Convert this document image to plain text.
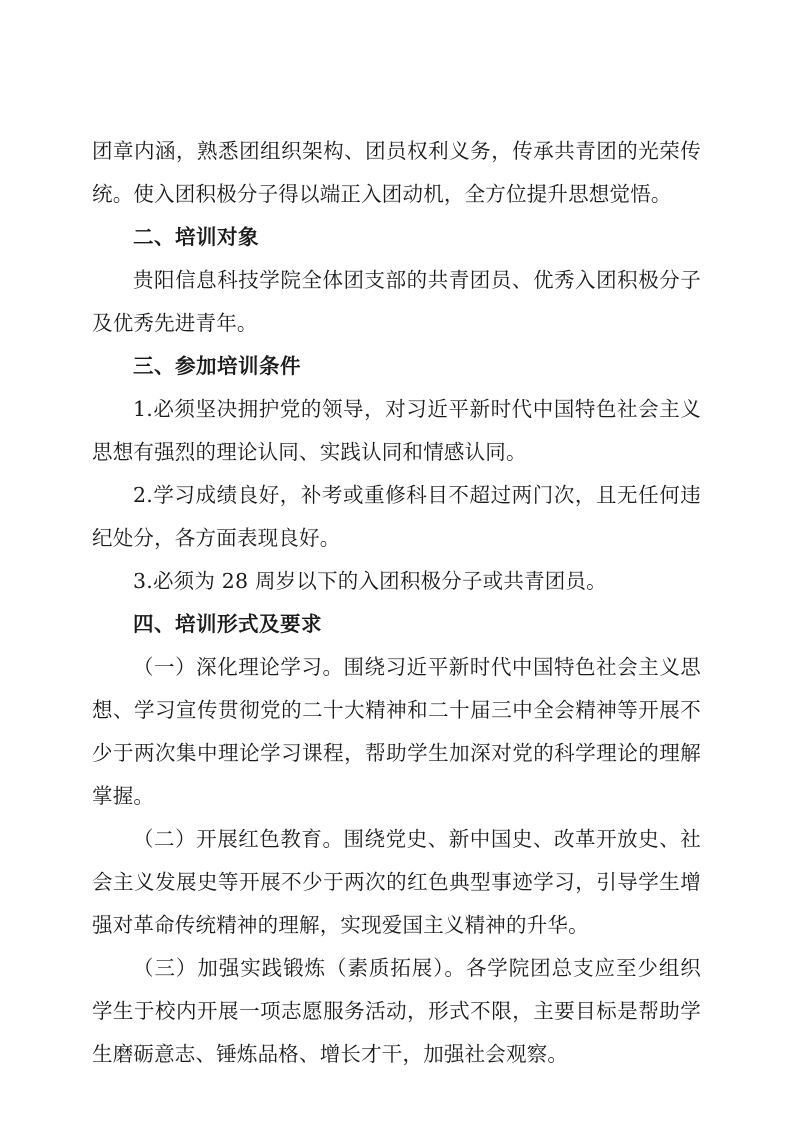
团章内涵，熟悉团组织架构、团员权利义务，传承共青团的光荣传统。使入团积极分子得以端正入团动机，全方位提升思想觉悟。

二、培训对象

贵阳信息科技学院全体团支部的共青团员、优秀入团积极分子及优秀先进青年。

三、参加培训条件

1.必须坚决拥护党的领导，对习近平新时代中国特色社会主义思想有强烈的理论认同、实践认同和情感认同。

2.学习成绩良好，补考或重修科目不超过两门次，且无任何违纪处分，各方面表现良好。

3.必须为 28 周岁以下的入团积极分子或共青团员。

四、培训形式及要求

（一）深化理论学习。围绕习近平新时代中国特色社会主义思想、学习宣传贯彻党的二十大精神和二十届三中全会精神等开展不少于两次集中理论学习课程，帮助学生加深对党的科学理论的理解掌握。

（二）开展红色教育。围绕党史、新中国史、改革开放史、社会主义发展史等开展不少于两次的红色典型事迹学习，引导学生增强对革命传统精神的理解，实现爱国主义精神的升华。

（三）加强实践锻炼（素质拓展）。各学院团总支应至少组织学生于校内开展一项志愿服务活动，形式不限，主要目标是帮助学生磨砺意志、锤炼品格、增长才干，加强社会观察。
